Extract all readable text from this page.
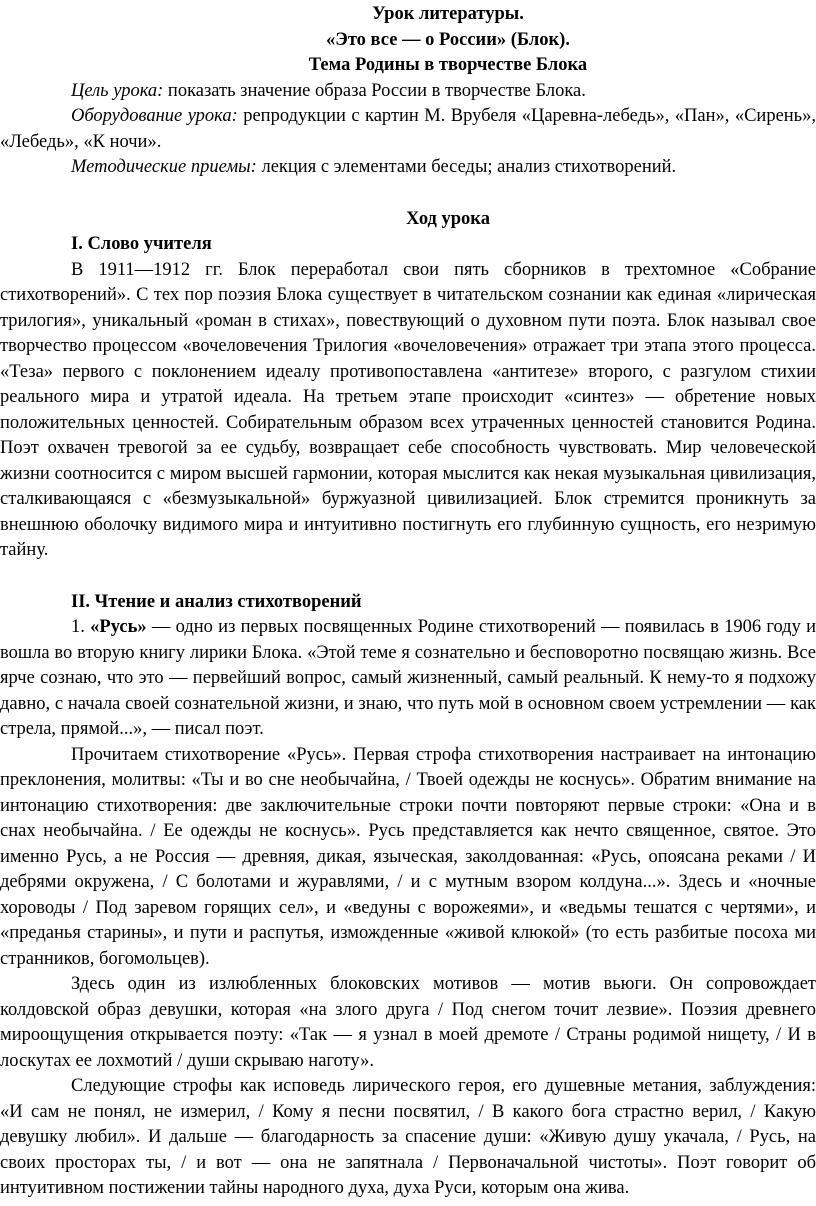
Урок литературы.
«Это все — о России» (Блок).
Тема Родины в творчестве Блока

Цель урока: показать значение образа России в творчестве Блока.

Оборудование урока: репродукции с картин М. Врубеля «Царевна-лебедь», «Пан», «Сирень», «Лебедь», «К ночи».

Методические приемы: лекция с элементами беседы; анализ стихотворений.

Ход урока

I. Слово учителя

В 1911—1912 гг. Блок переработал свои пять сборников в трехтомное «Собрание стихотворений». С тех пор поэзия Блока существует в читательском сознании как единая «лирическая трилогия», уникальный «роман в стихах», повествующий о духовном пути поэта. Блок называл свое творчество процессом «вочеловечения Трилогия «вочеловечения» отражает три этапа этого процесса. «Теза» первого с поклонением идеалу противопоставлена «антитезе» второго, с разгулом стихии реального мира и утратой идеала. На третьем этапе происходит «синтез» — обретение новых положительных ценностей. Собирательным образом всех утраченных ценностей становится Родина. Поэт охвачен тревогой за ее судьбу, возвращает себе способность чувствовать. Мир человеческой жизни соотносится с миром высшей гармонии, которая мыслится как некая музыкальная цивилизация, сталкивающаяся с «безмузыкальной» буржуазной цивилизацией. Блок стремится проникнуть за внешнюю оболочку видимого мира и интуитивно постигнуть его глубинную сущность, его незримую тайну.

II. Чтение и анализ стихотворений

1. «Русь» — одно из первых посвященных Родине стихотворений — появилась в 1906 году и вошла во вторую книгу лирики Блока. «Этой теме я сознательно и бесповоротно посвящаю жизнь. Все ярче сознаю, что это — первейший вопрос, самый жизненный, самый реальный. К нему-то я подхожу давно, с начала своей сознательной жизни, и знаю, что путь мой в основном своем устремлении — как стрела, прямой...», — писал поэт.

Прочитаем стихотворение «Русь». Первая строфа стихотворения настраивает на интонацию преклонения, молитвы: «Ты и во сне необычайна, / Твоей одежды не коснусь». Обратим внимание на интонацию стихотворения: две заключительные строки почти повторяют первые строки: «Она и в снах необычайна. / Ее одежды не коснусь». Русь представляется как нечто священное, святое. Это именно Русь, а не Россия — древняя, дикая, языческая, заколдованная: «Русь, опоясана реками / И дебрями окружена, / С болотами и журавлями, / и с мутным взором колдуна...». Здесь и «ночные хороводы / Под заревом горящих сел», и «ведуны с ворожеями», и «ведьмы тешатся с чертями», и «преданья старины», и пути и распутья, изможденные «живой клюкой» (то есть разбитые посоха ми странников, богомольцев).

Здесь один из излюбленных блоковских мотивов — мотив вьюги. Он сопровождает колдовской образ девушки, которая «на злого друга / Под снегом точит лезвие». Поэзия древнего мироощущения открывается поэту: «Так — я узнал в моей дремоте / Страны родимой нищету, / И в лоскутах ее лохмотий / души скрываю наготу».

Следующие строфы как исповедь лирического героя, его душевные метания, заблуждения: «И сам не понял, не измерил, / Кому я песни посвятил, / В какого бога страстно верил, / Какую девушку любил». И дальше — благодарность за спасение души: «Живую душу укачала, / Русь, на своих просторах ты, / и вот — она не запятнала / Первоначальной чистоты». Поэт говорит об интуитивном постижении тайны народного духа, духа Руси, которым она жива.
